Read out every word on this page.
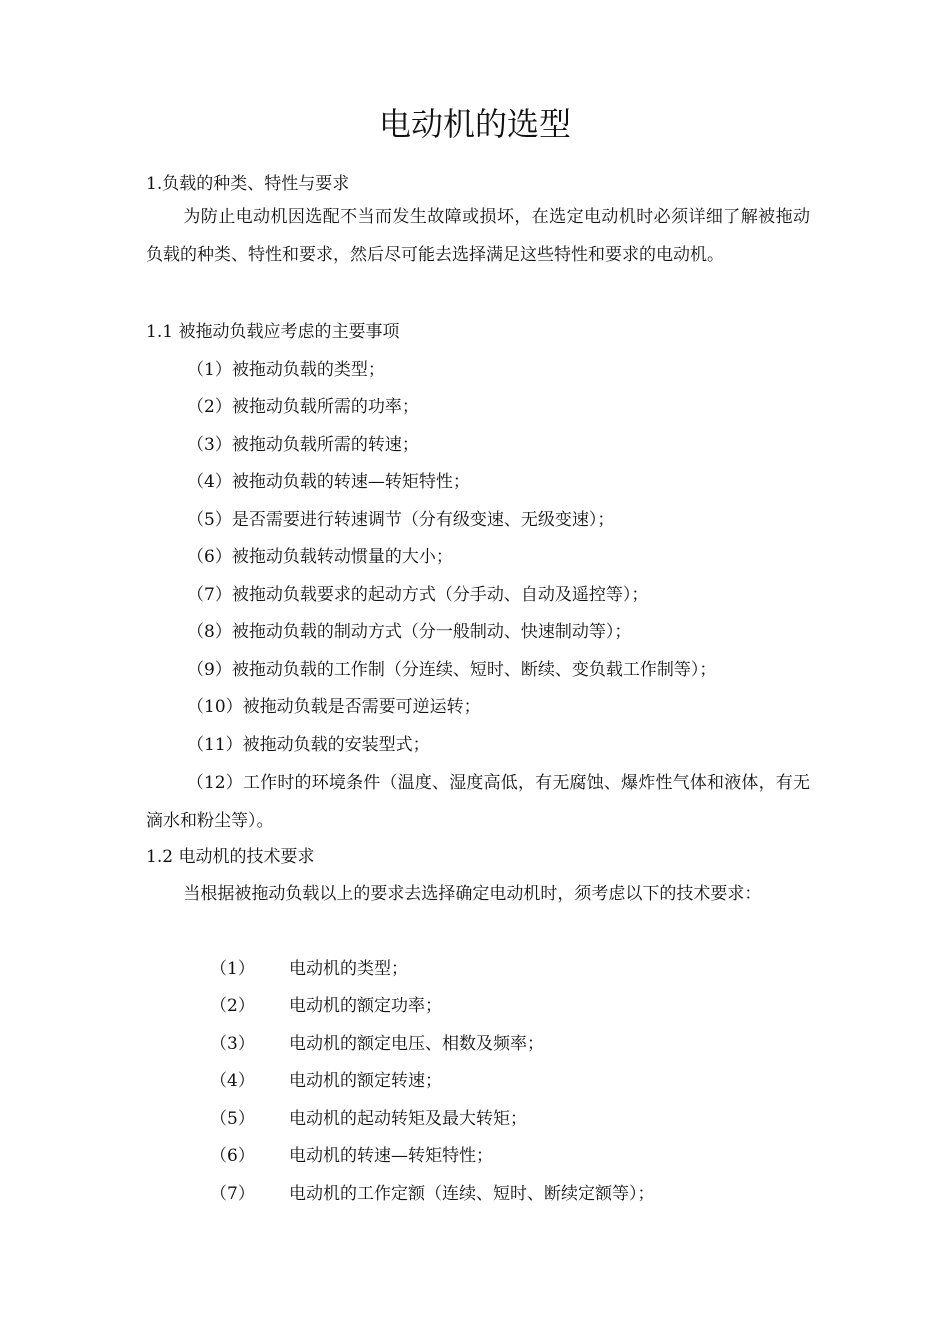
电动机的选型
1.负载的种类、特性与要求
为防止电动机因选配不当而发生故障或损坏，在选定电动机时必须详细了解被拖动负载的种类、特性和要求，然后尽可能去选择满足这些特性和要求的电动机。
1.1 被拖动负载应考虑的主要事项
（1）被拖动负载的类型；
（2）被拖动负载所需的功率；
（3）被拖动负载所需的转速；
（4）被拖动负载的转速—转矩特性；
（5）是否需要进行转速调节（分有级变速、无级变速）；
（6）被拖动负载转动惯量的大小；
（7）被拖动负载要求的起动方式（分手动、自动及遥控等）；
（8）被拖动负载的制动方式（分一般制动、快速制动等）；
（9）被拖动负载的工作制（分连续、短时、断续、变负载工作制等）；
（10）被拖动负载是否需要可逆运转；
（11）被拖动负载的安装型式；
（12）工作时的环境条件（温度、湿度高低，有无腐蚀、爆炸性气体和液体，有无滴水和粉尘等）。
1.2 电动机的技术要求
当根据被拖动负载以上的要求去选择确定电动机时，须考虑以下的技术要求：
（1） 电动机的类型；
（2） 电动机的额定功率；
（3） 电动机的额定电压、相数及频率；
（4） 电动机的额定转速；
（5） 电动机的起动转矩及最大转矩；
（6） 电动机的转速—转矩特性；
（7） 电动机的工作定额（连续、短时、断续定额等）；
